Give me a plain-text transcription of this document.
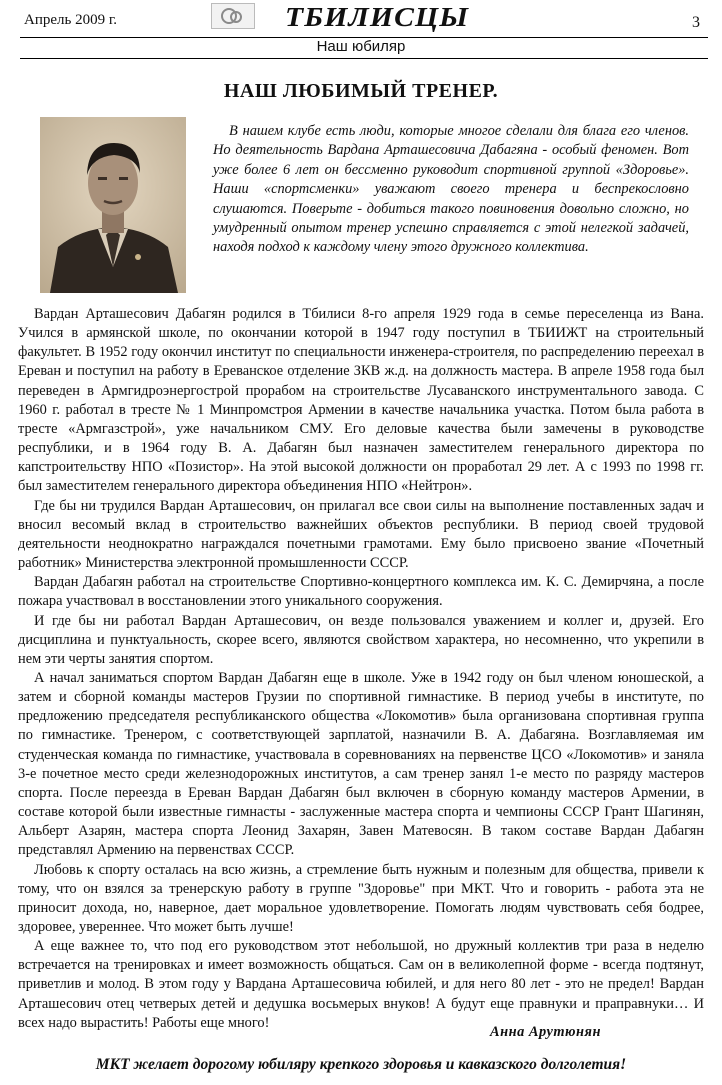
Апрель 2009 г.	ТБИЛИСЦЫ	3
Наш юбиляр
НАШ ЛЮБИМЫЙ ТРЕНЕР.
В нашем клубе есть люди, которые многое сделали для блага его членов. Но деятельность Вардана Арташесовича Дабагяна - особый феномен. Вот уже более 6 лет он бессменно руководит спортивной группой «Здоровье». Наши «спортсменки» уважают своего тренера и беспрекословно слушаются. Поверьте - добиться такого повиновения довольно сложно, но умудренный опытом тренер успешно справляется с этой нелегкой задачей, находя подход к каждому члену этого дружного коллектива.

Вардан Арташесович Дабагян родился в Тбилиси 8-го апреля 1929 года в семье переселенца из Вана. Учился в армянской школе, по окончании которой в 1947 году поступил в ТБИИЖТ на строительный факультет. В 1952 году окончил институт по специальности инженера-строителя, по распределению переехал в Ереван и поступил на работу в Ереванское отделение ЗКВ ж.д. на должность мастера. В апреле 1958 года был переведен в Армгидроэнергострой прорабом на строительстве Лусаванского инструментального завода. С 1960 г. работал в тресте № 1 Минпромстроя Армении в качестве начальника участка. Потом была работа в тресте «Армгазстрой», уже начальником СМУ. Его деловые качества были замечены в руководстве республики, и в 1964 году В. А. Дабагян был назначен заместителем генерального директора по капстроительству НПО «Позистор». На этой высокой должности он проработал 29 лет. А с 1993 по 1998 гг. был заместителем генерального директора объединения НПО «Нейтрон».

Где бы ни трудился Вардан Арташесович, он прилагал все свои силы на выполнение поставленных задач и вносил весомый вклад в строительство важнейших объектов республики. В период своей трудовой деятельности неоднократно награждался почетными грамотами. Ему было присвоено звание «Почетный работник» Министерства электронной промышленности СССР.

Вардан Дабагян работал на строительстве Спортивно-концертного комплекса им. К. С. Демирчяна, а после пожара участвовал в восстановлении этого уникального сооружения.

И где бы ни работал Вардан Арташесович, он везде пользовался уважением и коллег и, друзей. Его дисциплина и пунктуальность, скорее всего, являются свойством характера, но несомненно, что укрепили в нем эти черты занятия спортом.

А начал заниматься спортом Вардан Дабагян еще в школе. Уже в 1942 году он был членом юношеской, а затем и сборной команды мастеров Грузии по спортивной гимнастике. В период учебы в институте, по предложению председателя республиканского общества «Локомотив» была организована спортивная группа по гимнастике. Тренером, с соответствующей зарплатой, назначили В. А. Дабагяна. Возглавляемая им студенческая команда по гимнастике, участвовала в соревнованиях на первенстве ЦСО «Локомотив» и заняла 3-е почетное место среди железнодорожных институтов, а сам тренер занял 1-е место по разряду мастеров спорта. После переезда в Ереван Вардан Дабагян был включен в сборную команду мастеров Армении, в составе которой были известные гимнасты - заслуженные мастера спорта и чемпионы СССР Грант Шагинян, Альберт Азарян, мастера спорта Леонид Захарян, Завен Матевосян. В таком составе Вардан Дабагян представлял Армению на первенствах СССР.

Любовь к спорту осталась на всю жизнь, а стремление быть нужным и полезным для общества, привели к тому, что он взялся за тренерскую работу в группе "Здоровье" при МКТ. Что и говорить - работа эта не приносит дохода, но, наверное, дает моральное удовлетворение. Помогать людям чувствовать себя бодрее, здоровее, увереннее. Что может быть лучше!

А еще важнее то, что под его руководством этот небольшой, но дружный коллектив три раза в неделю встречается на тренировках и имеет возможность общаться. Сам он в великолепной форме - всегда подтянут, приветлив и молод. В этом году у Вардана Арташесовича юбилей, и для него 80 лет - это не предел! Вардан Арташесович отец четверых детей и дедушка восьмерых внуков! А будут еще правнуки и праправнуки… И всех надо вырастить! Работы еще много!

Анна Арутюнян
МКТ желает дорогому юбиляру крепкого здоровья и кавказского долголетия!
